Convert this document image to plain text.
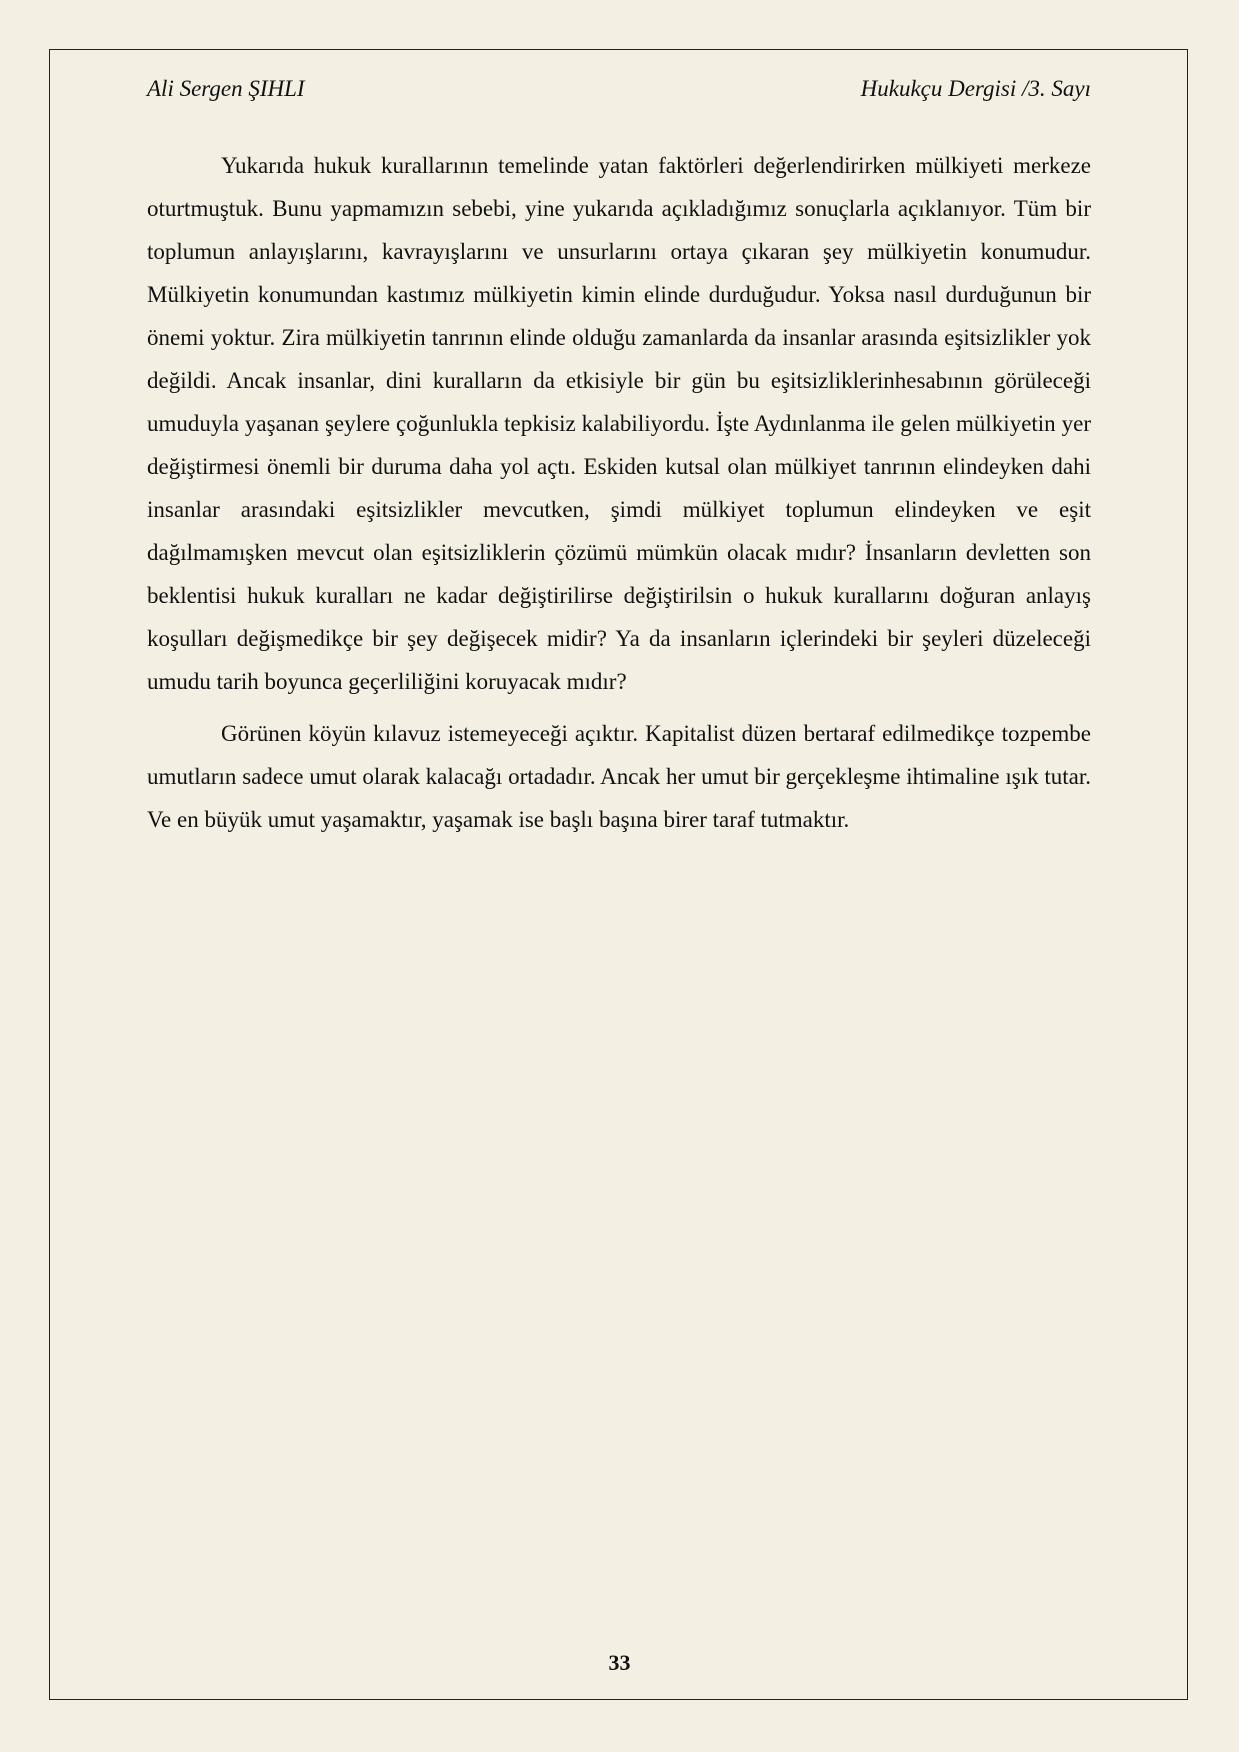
Ali Sergen ŞIHLI	Hukukçu Dergisi /3. Sayı

Yukarıda hukuk kurallarının temelinde yatan faktörleri değerlendirirken mülkiyeti merkeze oturtmuştuk. Bunu yapmamızın sebebi, yine yukarıda açıkladığımız sonuçlarla açıklanıyor. Tüm bir toplumun anlayışlarını, kavrayışlarını ve unsurlarını ortaya çıkaran şey mülkiyetin konumudur. Mülkiyetin konumundan kastımız mülkiyetin kimin elinde durduğudur. Yoksa nasıl durduğunun bir önemi yoktur. Zira mülkiyetin tanrının elinde olduğu zamanlarda da insanlar arasında eşitsizlikler yok değildi. Ancak insanlar, dini kuralların da etkisiyle bir gün bu eşitsizliklerinhesabının görüleceği umuduyla yaşanan şeylere çoğunlukla tepkisiz kalabiliyordu. İşte Aydınlanma ile gelen mülkiyetin yer değiştirmesi önemli bir duruma daha yol açtı. Eskiden kutsal olan mülkiyet tanrının elindeyken dahi insanlar arasındaki eşitsizlikler mevcutken, şimdi mülkiyet toplumun elindeyken ve eşit dağılmamışken mevcut olan eşitsizliklerin çözümü mümkün olacak mıdır? İnsanların devletten son beklentisi hukuk kuralları ne kadar değiştirilirse değiştirilsin o hukuk kurallarını doğuran anlayış koşulları değişmedikçe bir şey değişecek midir? Ya da insanların içlerindeki bir şeyleri düzeleceği umudu tarih boyunca geçerliliğini koruyacak mıdır?

Görünen köyün kılavuz istemeyeceği açıktır. Kapitalist düzen bertaraf edilmedikçe tozpembe umutların sadece umut olarak kalacağı ortadadır. Ancak her umut bir gerçekleşme ihtimaline ışık tutar. Ve en büyük umut yaşamaktır, yaşamak ise başlı başına birer taraf tutmaktır.

33
